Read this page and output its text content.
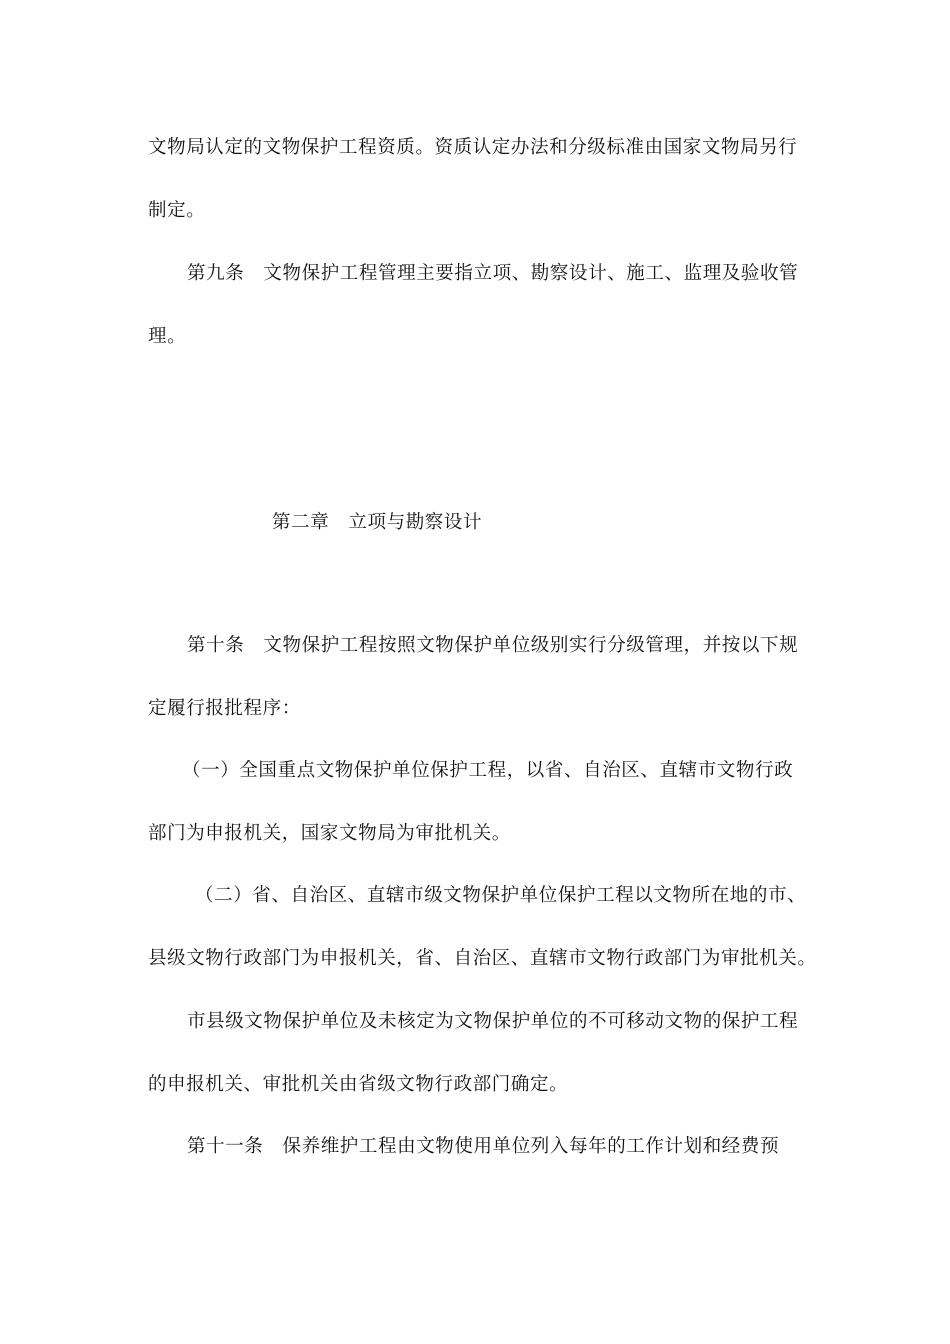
文物局认定的文物保护工程资质。资质认定办法和分级标准由国家文物局另行
制定。
第九条　文物保护工程管理主要指立项、勘察设计、施工、监理及验收管
理。
第二章　立项与勘察设计
第十条　文物保护工程按照文物保护单位级别实行分级管理，并按以下规
定履行报批程序：
（一）全国重点文物保护单位保护工程，以省、自治区、直辖市文物行政
部门为申报机关，国家文物局为审批机关。
（二）省、自治区、直辖市级文物保护单位保护工程以文物所在地的市、
县级文物行政部门为申报机关，省、自治区、直辖市文物行政部门为审批机关。
市县级文物保护单位及未核定为文物保护单位的不可移动文物的保护工程
的申报机关、审批机关由省级文物行政部门确定。
第十一条　保养维护工程由文物使用单位列入每年的工作计划和经费预
